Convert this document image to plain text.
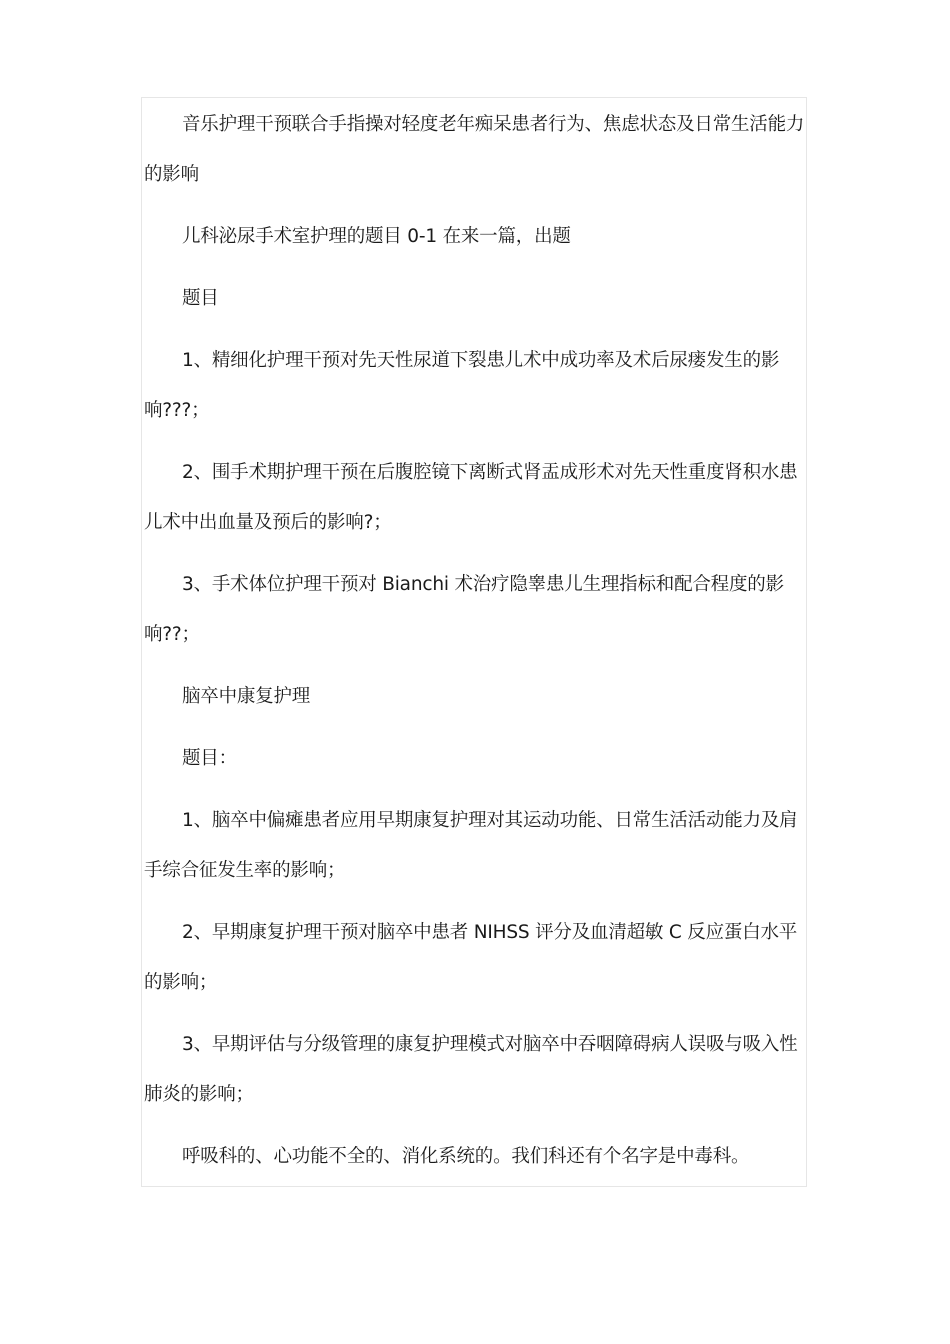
音乐护理干预联合手指操对轻度老年痴呆患者行为、焦虑状态及日常生活能力的影响

儿科泌尿手术室护理的题目 0-1 在来一篇，出题

题目

1、精细化护理干预对先天性尿道下裂患儿术中成功率及术后尿瘘发生的影响???；

2、围手术期护理干预在后腹腔镜下离断式肾盂成形术对先天性重度肾积水患儿术中出血量及预后的影响?；

3、手术体位护理干预对 Bianchi 术治疗隐睾患儿生理指标和配合程度的影响??；

脑卒中康复护理

题目：

1、脑卒中偏瘫患者应用早期康复护理对其运动功能、日常生活活动能力及肩手综合征发生率的影响；

2、早期康复护理干预对脑卒中患者 NIHSS 评分及血清超敏 C 反应蛋白水平的影响；

3、早期评估与分级管理的康复护理模式对脑卒中吞咽障碍病人误吸与吸入性肺炎的影响；

呼吸科的、心功能不全的、消化系统的。我们科还有个名字是中毒科。
